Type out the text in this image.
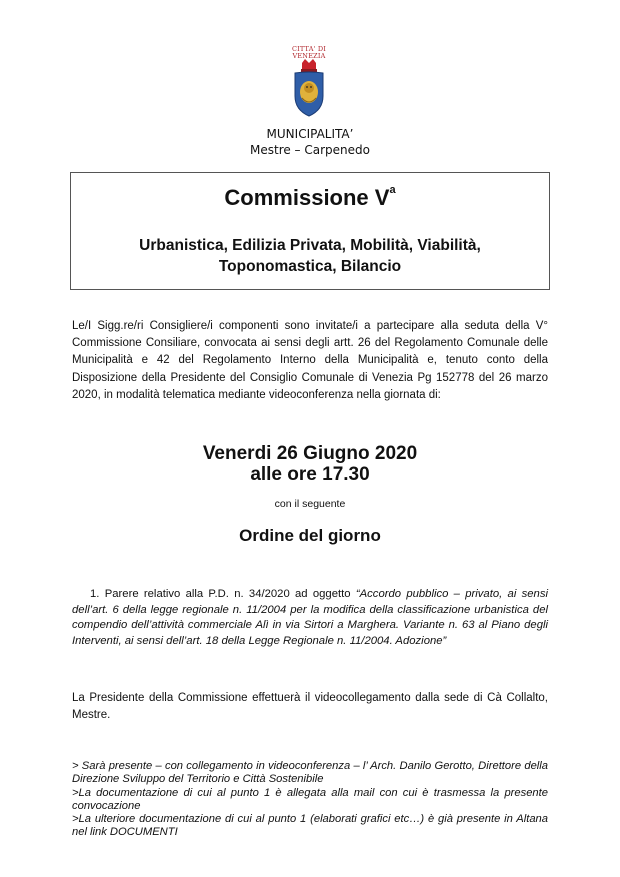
CITTA' DI
VENEZIA
MUNICIPALITA’
Mestre – Carpenedo
Commissione $V^a$
Urbanistica, Edilizia Privata, Mobilità, Viabilità,
Toponomastica, Bilancio
Le/I Sigg.re/ri Consigliere/i componenti sono invitate/i a partecipare alla seduta della V° Commissione Consiliare, convocata ai sensi degli artt. 26 del Regolamento Comunale delle Municipalità e 42 del Regolamento Interno della Municipalità e, tenuto conto della Disposizione della Presidente del Consiglio Comunale di Venezia Pg 152778 del 26 marzo 2020, in modalità telematica mediante videoconferenza nella giornata di:
Venerdi 26 Giugno 2020
alle ore 17.30
con il seguente
Ordine del giorno
1. Parere relativo alla P.D. n. 34/2020 ad oggetto “Accordo pubblico – privato, ai sensi dell’art. 6 della legge regionale n. 11/2004 per la modifica della classificazione urbanistica del compendio dell’attività commerciale Alì in via Sirtori a Marghera. Variante n. 63 al Piano degli Interventi, ai sensi dell’art. 18 della Legge Regionale n. 11/2004. Adozione”
La Presidente della Commissione effettuerà il videocollegamento dalla sede di Cà Collalto, Mestre.

> Sarà presente – con collegamento in videoconferenza – l’ Arch. Danilo Gerotto, Direttore della Direzione Sviluppo del Territorio e Città Sostenibile

>La documentazione di cui al punto 1 è allegata alla mail con cui è trasmessa la presente convocazione

>La ulteriore documentazione di cui al punto 1 (elaborati grafici etc…) è già presente in Altana nel link DOCUMENTI
